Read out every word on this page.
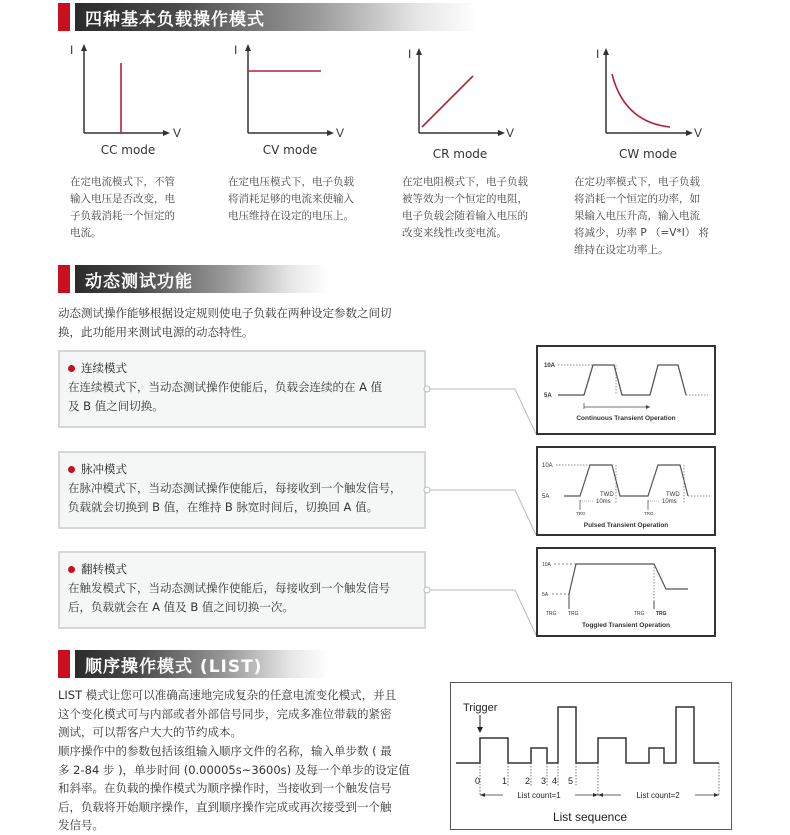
四种基本负载操作模式
I
V
CC mode
I
V
CV mode
I
V
CR mode
I
V
CW mode
在定电流模式下，不管
输入电压是否改变，电
子负载消耗一个恒定的
电流。
在定电压模式下，电子负载
将消耗足够的电流来使输入
电压维持在设定的电压上。
在定电阻模式下，电子负载
被等效为一个恒定的电阻，
电子负载会随着输入电压的
改变来线性改变电流。
在定功率模式下，电子负载
将消耗一个恒定的功率，如
果输入电压升高，输入电流
将减少，功率 P （=V*I） 将
维持在设定功率上。
动态测试功能
动态测试操作能够根据设定规则使电子负载在两种设定参数之间切
换，此功能用来测试电源的动态特性。
连续模式
在连续模式下，当动态测试操作使能后，负载会连续的在 A 值
及 B 值之间切换。
脉冲模式
在脉冲模式下，当动态测试操作使能后，每接收到一个触发信号，
负载就会切换到 B 值，在维持 B 脉宽时间后，切换回 A 值。
翻转模式
在触发模式下，当动态测试操作使能后，每接收到一个触发信号
后，负载就会在 A 值及 B 值之间切换一次。
10A
5A
Continuous Transient Operation
10A
5A	TWD
10ms
TWD
10ms
TRG	TRG
Pulsed Transient Operation
10A
5A
TRG TRG	TRG TRG
Toggled Transient Operation
顺序操作模式 (LIST)
LIST 模式让您可以准确高速地完成复杂的任意电流变化模式，并且
这个变化模式可与内部或者外部信号同步，完成多准位带载的紧密
测试，可以帮客户大大的节约成本。
顺序操作中的参数包括该组输入顺序文件的名称，输入单步数 ( 最
多 2-84 步 )，单步时间 (0.00005s~3600s) 及每一个单步的设定值
和斜率。在负载的操作模式为顺序操作时，当接收到一个触发信号
后，负载将开始顺序操作，直到顺序操作完成或再次接受到一个触
发信号。
Trigger
0 1 2 3 4 5
List count=1	List count=2
List sequence
